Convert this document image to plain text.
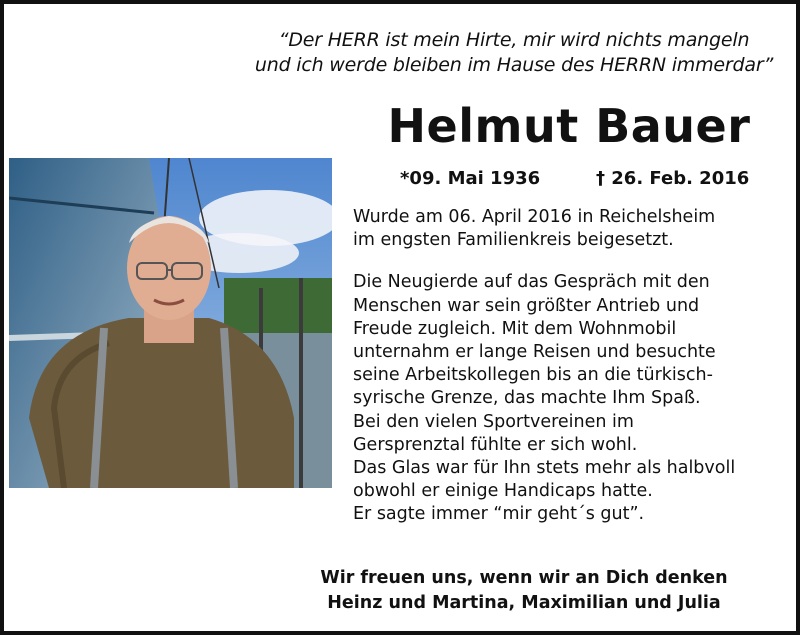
“Der HERR ist mein Hirte, mir wird nichts mangeln
und ich werde bleiben im Hause des HERRN immerdar”
Helmut Bauer
*09. Mai 1936	† 26. Feb. 2016
Wurde am 06. April 2016 in Reichelsheim
im engsten Familienkreis beigesetzt.
Die Neugierde auf das Gespräch mit den
Menschen war sein größter Antrieb und
Freude zugleich. Mit dem Wohnmobil
unternahm er lange Reisen und besuchte
seine Arbeitskollegen bis an die türkisch-
syrische Grenze, das machte Ihm Spaß.
Bei den vielen Sportvereinen im
Gersprenztal fühlte er sich wohl.
Das Glas war für Ihn stets mehr als halbvoll
obwohl er einige Handicaps hatte.
Er sagte immer “mir geht´s gut”.
Wir freuen uns, wenn wir an Dich denken
Heinz und Martina, Maximilian und Julia
